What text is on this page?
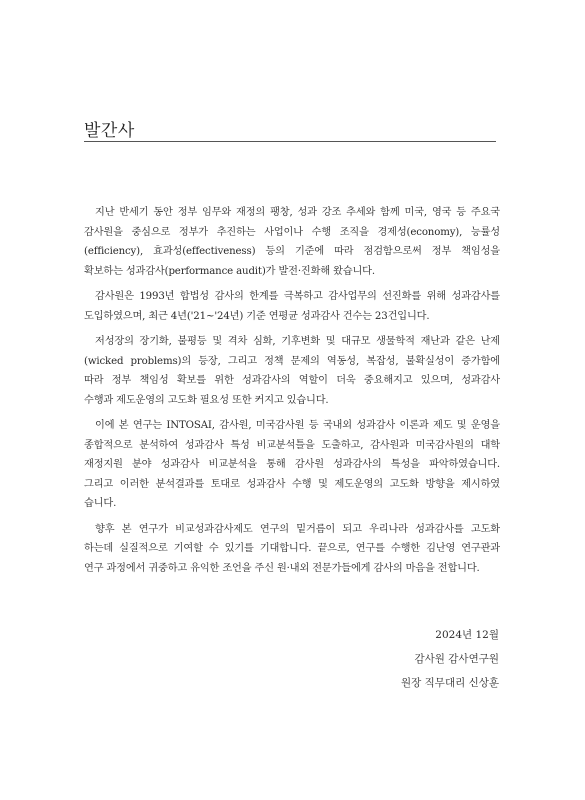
발간사

지난 반세기 동안 정부 임무와 재정의 팽창, 성과 강조 추세와 함께 미국, 영국 등 주요국
감사원을 중심으로 정부가 추진하는 사업이나 수행 조직을 경제성(economy), 능률성
(efficiency), 효과성(effectiveness) 등의 기준에 따라 점검함으로써 정부 책임성을
확보하는 성과감사(performance audit)가 발전·진화해 왔습니다.

감사원은 1993년 합법성 감사의 한계를 극복하고 감사업무의 선진화를 위해 성과감사를
도입하였으며, 최근 4년('21~'24년) 기준 연평균 성과감사 건수는 23건입니다.

저성장의 장기화, 불평등 및 격차 심화, 기후변화 및 대규모 생물학적 재난과 같은 난제
(wicked problems)의 등장, 그리고 정책 문제의 역동성, 복잡성, 불확실성이 증가함에
따라 정부 책임성 확보를 위한 성과감사의 역할이 더욱 중요해지고 있으며, 성과감사
수행과 제도운영의 고도화 필요성 또한 커지고 있습니다.

이에 본 연구는 INTOSAI, 감사원, 미국감사원 등 국내외 성과감사 이론과 제도 및 운영을
종합적으로 분석하여 성과감사 특성 비교분석틀을 도출하고, 감사원과 미국감사원의 대학
재정지원 분야 성과감사 비교분석을 통해 감사원 성과감사의 특성을 파악하였습니다.
그리고 이러한 분석결과를 토대로 성과감사 수행 및 제도운영의 고도화 방향을 제시하였
습니다.

향후 본 연구가 비교성과감사제도 연구의 밑거름이 되고 우리나라 성과감사를 고도화
하는데 실질적으로 기여할 수 있기를 기대합니다. 끝으로, 연구를 수행한 김난영 연구관과
연구 과정에서 귀중하고 유익한 조언을 주신 원·내외 전문가들에게 감사의 마음을 전합니다.

2024년 12월
감사원 감사연구원
원장 직무대리 신상훈
